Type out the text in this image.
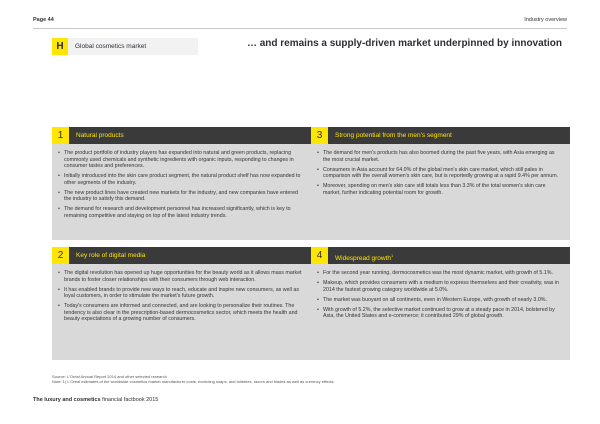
Page 44	Industry overview
H	Global cosmetics market	… and remains a supply-driven market underpinned by innovation
1	Natural products
• The product portfolio of industry players has expanded into natural and green products, replacing commonly used chemicals and synthetic ingredients with organic inputs, responding to changes in consumer tastes and preferences.
• Initially introduced into the skin care product segment, the natural product shelf has now expanded to other segments of the industry.
• The new product lines have created new markets for the industry, and new companies have entered the industry to satisfy this demand.
• The demand for research and development personnel has increased significantly, which is key to remaining competitive and staying on top of the latest industry trends.
3	Strong potential from the men's segment
• The demand for men's products has also boomed during the past five years, with Asia emerging as the most crucial market.
• Consumers in Asia account for 64.0% of the global men's skin care market, which still pales in comparison with the overall women's skin care, but is reportedly growing at a rapid 9.4% per annum.
• Moreover, spending on men's skin care still totals less than 3.3% of the total women's skin care market, further indicating potential room for growth.
2	Key role of digital media
• The digital revolution has opened up huge opportunities for the beauty world as it allows mass market brands to foster closer relationships with their consumers through web interaction.
• It has enabled brands to provide new ways to reach, educate and inspire new consumers, as well as loyal customers, in order to stimulate the market's future growth.
• Today's consumers are informed and connected, and are looking to personalize their routines. The tendency is also clear in the prescription-based dermocosmetics sector, which meets the health and beauty expectations of a growing number of consumers.
4	Widespread growth$^1$
• For the second year running, dermocosmetics was the most dynamic market, with growth of 5.1%.
• Makeup, which provides consumers with a medium to express themselves and their creativity, was in 2014 the fastest growing category worldwide at 5.0%.
• The market was buoyant on all continents, even in Western Europe, with growth of nearly 3.0%.
• With growth of 5.2%, the selective market continued to grow at a steady pace in 2014, bolstered by Asia, the United States and e-commerce; it contributed 29% of global growth.
Source: L'Oréal Annual Report 2014 and other selected research
Note: 1) L'Oréal estimates of the worldwide cosmetics market manufacturer costs, excluding soaps, and toiletries, razors and blades as well as currency effects.
The luxury and cosmetics financial factbook 2015
